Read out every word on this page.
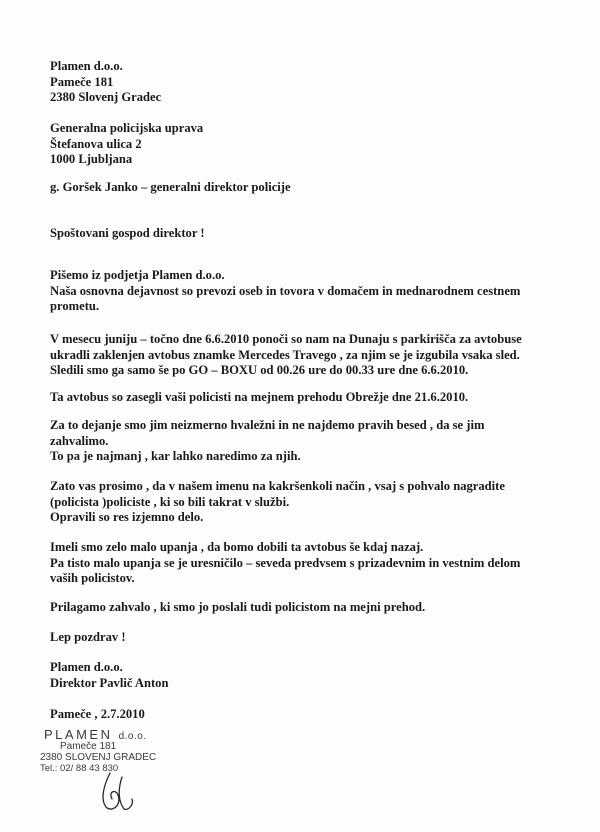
Plamen d.o.o.
Pameče 181
2380 Slovenj Gradec
Generalna policijska uprava
Štefanova ulica 2
1000 Ljubljana
g. Goršek Janko – generalni direktor policije
Spoštovani gospod direktor !
Pišemo iz podjetja Plamen d.o.o.
Naša osnovna dejavnost so prevozi oseb in tovora v domačem in mednarodnem cestnem
prometu.
V mesecu juniju – točno dne 6.6.2010 ponoči so nam na Dunaju s parkirišča za avtobuse
ukradli zaklenjen avtobus znamke Mercedes Travego , za njim se je izgubila vsaka sled.
Sledili smo ga samo še po GO – BOXU od 00.26 ure do 00.33 ure dne 6.6.2010.
Ta avtobus so zasegli vaši policisti na mejnem prehodu Obrežje dne 21.6.2010.
Za to dejanje smo jim neizmerno hvaležni in ne najdemo pravih besed , da se jim
zahvalimo.
To pa je najmanj , kar lahko naredimo za njih.
Zato vas prosimo , da v našem imenu na kakršenkoli način , vsaj s pohvalo nagradite
(policista )policiste , ki so bili takrat v službi.
Opravili so res izjemno delo.
Imeli smo zelo malo upanja , da bomo dobili ta avtobus še kdaj nazaj.
Pa tisto malo upanja se je uresničilo – seveda predvsem s prizadevnim in vestnim delom
vaših policistov.
Prilagamo zahvalo , ki smo jo poslali tudi policistom na mejni prehod.
Lep pozdrav !
Plamen d.o.o.
Direktor Pavlič Anton
Pameče , 2.7.2010
PLAMEN d.o.o.
Pameče 181
2380 SLOVENJ GRADEC
Tel.: 02/ 88 43 830
